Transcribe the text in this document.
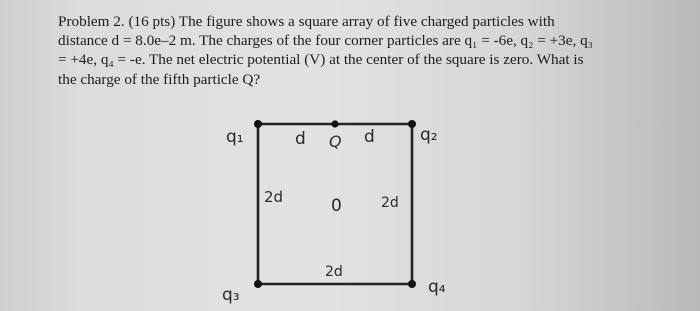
Problem 2. (16 pts) The figure shows a square array of five charged particles with
distance d = 8.0e–2 m. The charges of the four corner particles are q₁ = -6e, q₂ = +3e, q₃
= +4e, q₄ = -e. The net electric potential (V) at the center of the square is zero. What is
the charge of the fifth particle Q?
q₁	q₂
q₃	q₄
d Q d
2d	0	2d
2d
